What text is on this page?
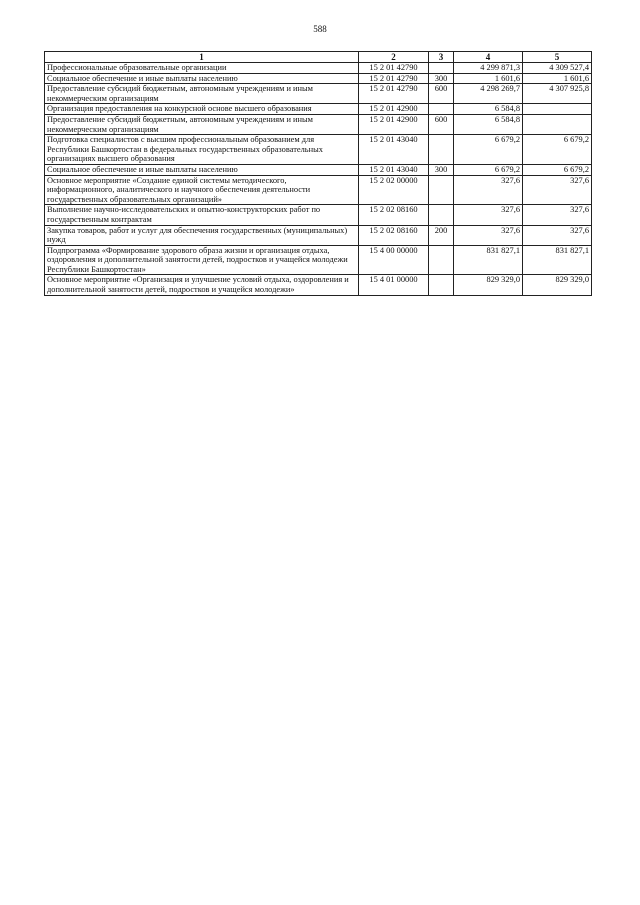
588
1	2	3	4	5
Профессиональные образовательные организации	15 2 01 42790		4 299 871,3	4 309 527,4
Социальное обеспечение и иные выплаты населению	15 2 01 42790	300	1 601,6	1 601,6
Предоставление субсидий бюджетным, автономным учреждениям и иным некоммерческим организациям	15 2 01 42790	600	4 298 269,7	4 307 925,8
Организация предоставления на конкурсной основе высшего образования	15 2 01 42900		6 584,8	
Предоставление субсидий бюджетным, автономным учреждениям и иным некоммерческим организациям	15 2 01 42900	600	6 584,8	
Подготовка специалистов с высшим профессиональным образованием для Республики Башкортостан в федеральных государственных образовательных организациях высшего образования	15 2 01 43040		6 679,2	6 679,2
Социальное обеспечение и иные выплаты населению	15 2 01 43040	300	6 679,2	6 679,2
Основное мероприятие «Создание единой системы методического, информационного, аналитического и научного обеспечения деятельности государственных образовательных организаций»	15 2 02 00000		327,6	327,6
Выполнение научно-исследовательских и опытно-конструкторских работ по государственным контрактам	15 2 02 08160		327,6	327,6
Закупка товаров, работ и услуг для обеспечения государственных (муниципальных) нужд	15 2 02 08160	200	327,6	327,6
Подпрограмма «Формирование здорового образа жизни и организация отдыха, оздоровления и дополнительной занятости детей, подростков и учащейся молодежи Республики Башкортостан»	15 4 00 00000		831 827,1	831 827,1
Основное мероприятие «Организация и улучшение условий отдыха, оздоровления и дополнительной занятости детей, подростков и учащейся молодежи»	15 4 01 00000		829 329,0	829 329,0
